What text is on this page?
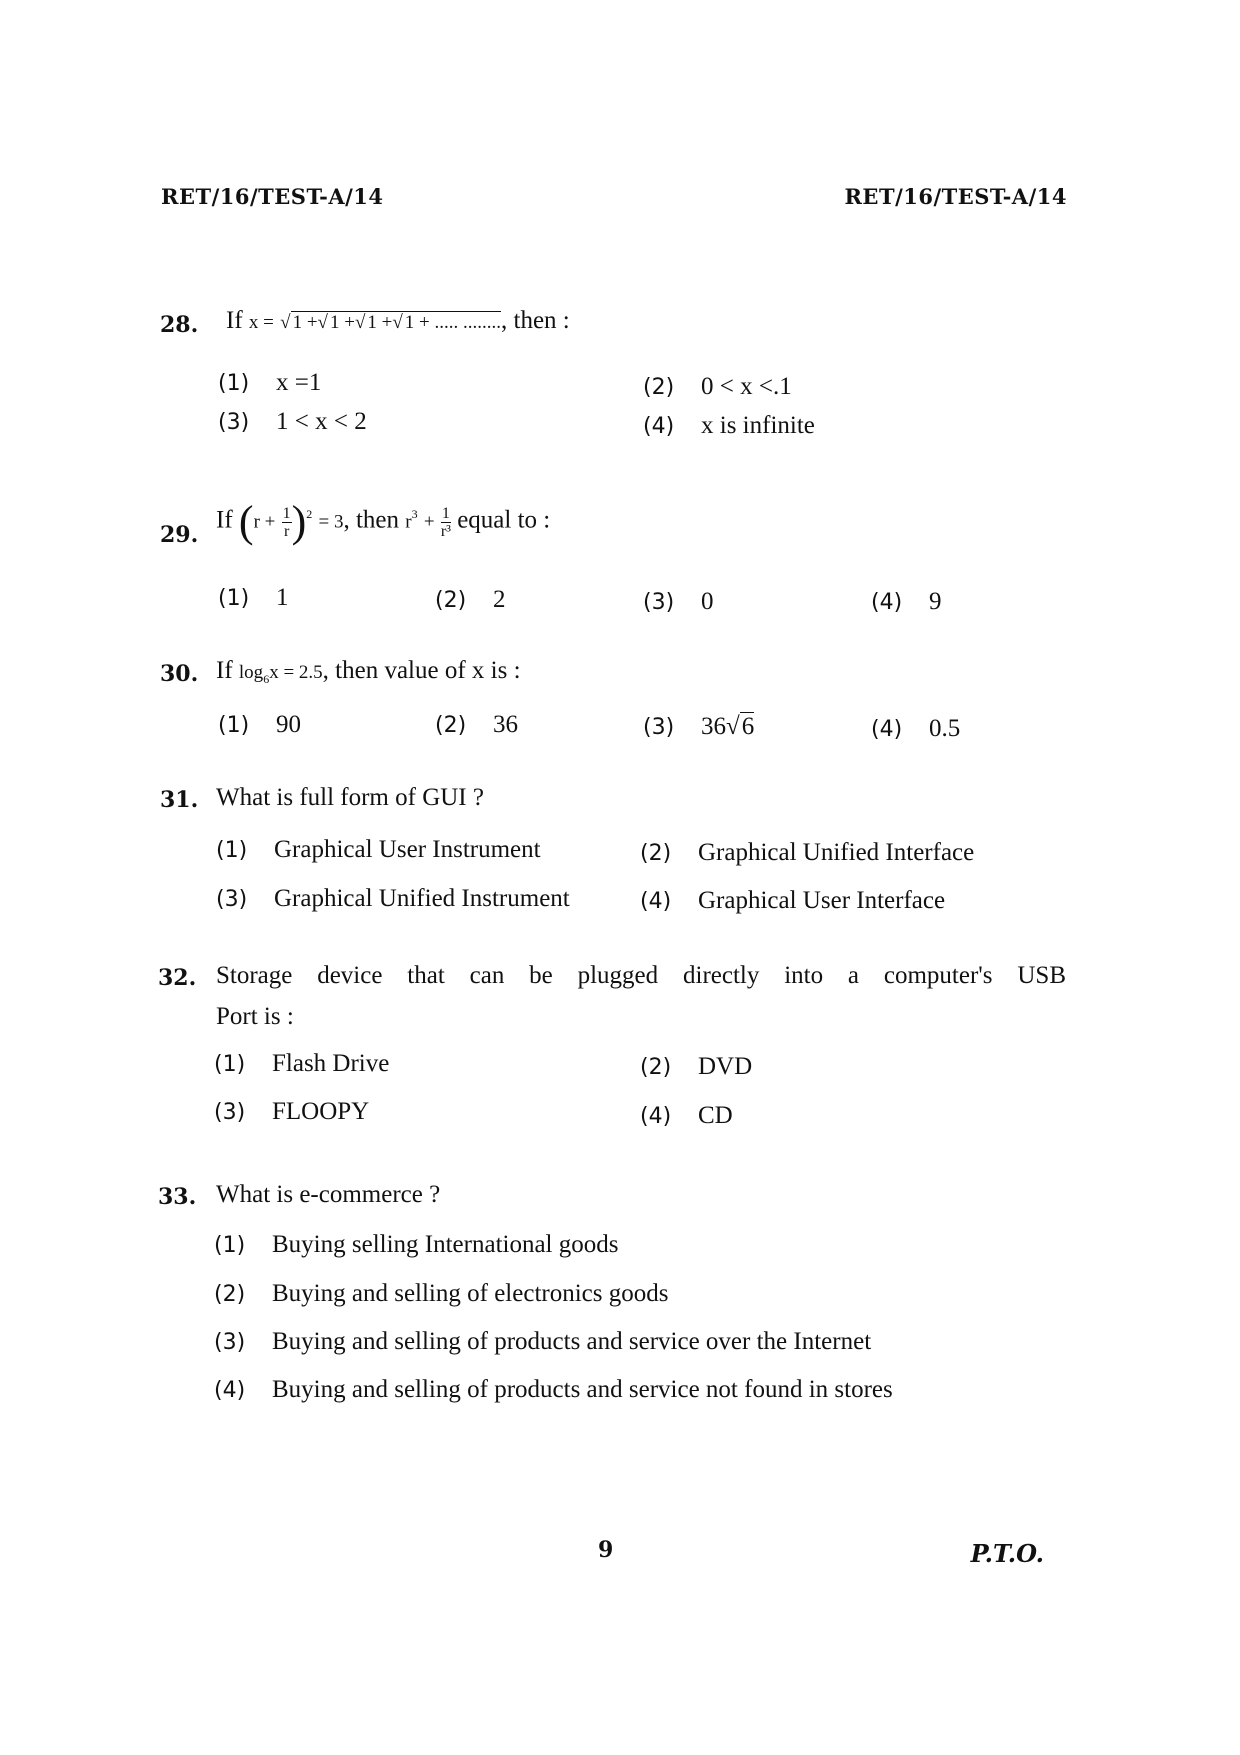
RET/16/TEST-A/14	RET/16/TEST-A/14
28. If x = √ 1 +√ 1 +√ 1 +√ 1 + ..... ........, then :
(1) x =1	(2) 0 < x <.1
(3) 1 < x < 2	(4) x is infinite
29.
If $(r + \frac{1}{r} )^2 = 3$, then $r^3 + \frac{1}{\text{r³}}$ equal to :
(1) 1	(2) 2	(3) 0	(4) 9
30. If $\log_6x = 2.5$, then value of x is :
(1) 90	(2) 36	(3) 36√6	(4) 0.5
31. What is full form of GUI ?
(1) Graphical User Instrument	(2) Graphical Unified Interface
(3) Graphical Unified Instrument	(4) Graphical User Interface
32. Storage device that can be plugged directly into a computer's USB
Port is :
(1) Flash Drive	(2) DVD
(3) FLOOPY	(4) CD
33. What is e-commerce ?
(1) Buying selling International goods
(2) Buying and selling of electronics goods
(3) Buying and selling of products and service over the Internet
(4) Buying and selling of products and service not found in stores
9	P.T.O.
